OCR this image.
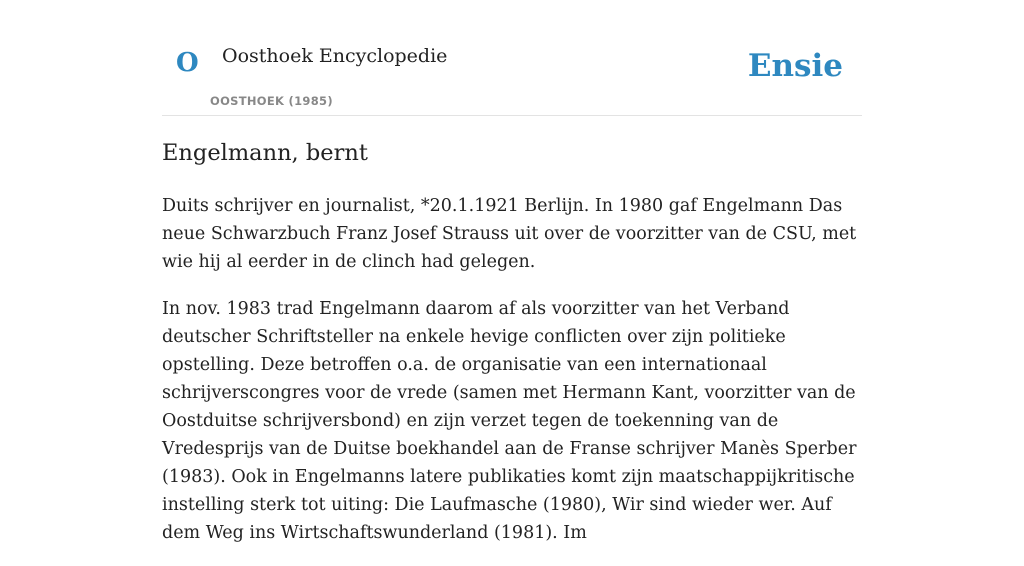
O Oosthoek Encyclopedie
OOSTHOEK (1985)
Ensie
Engelmann, bernt

Duits schrijver en journalist, *20.1.1921 Berlijn. In 1980 gaf Engelmann Das neue Schwarzbuch Franz Josef Strauss uit over de voorzitter van de CSU, met wie hij al eerder in de clinch had gelegen.

In nov. 1983 trad Engelmann daarom af als voorzitter van het Verband deutscher Schriftsteller na enkele hevige conflicten over zijn politieke opstelling. Deze betroffen o.a. de organisatie van een internationaal schrijverscongres voor de vrede (samen met Hermann Kant, voorzitter van de Oostduitse schrijversbond) en zijn verzet tegen de toekenning van de Vredesprijs van de Duitse boekhandel aan de Franse schrijver Manès Sperber (1983). Ook in Engelmanns latere publikaties komt zijn maatschappijkritische instelling sterk tot uiting: Die Laufmasche (1980), Wir sind wieder wer. Auf dem Weg ins Wirtschaftswunderland (1981). Im
